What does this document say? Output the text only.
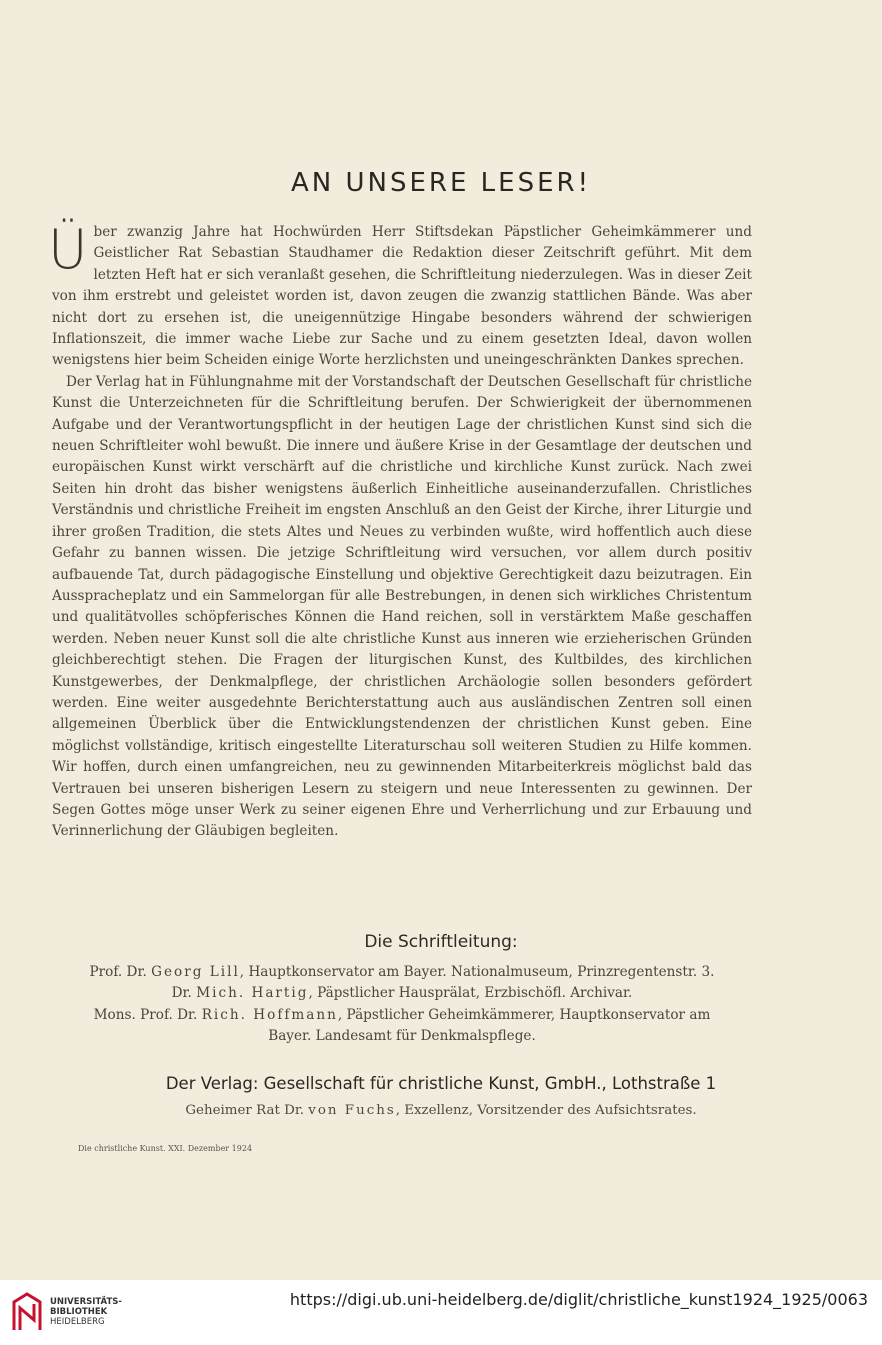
AN UNSERE LESER!

Über zwanzig Jahre hat Hochwürden Herr Stiftsdekan Päpstlicher Geheimkämmerer und Geistlicher Rat Sebastian Staudhamer die Redaktion dieser Zeitschrift geführt. Mit dem letzten Heft hat er sich veranlaßt gesehen, die Schriftleitung niederzulegen. Was in dieser Zeit von ihm erstrebt und geleistet worden ist, davon zeugen die zwanzig stattlichen Bände. Was aber nicht dort zu ersehen ist, die uneigennützige Hingabe besonders während der schwierigen Inflationszeit, die immer wache Liebe zur Sache und zu einem gesetzten Ideal, davon wollen wenigstens hier beim Scheiden einige Worte herzlichsten und uneingeschränkten Dankes sprechen.

Der Verlag hat in Fühlungnahme mit der Vorstandschaft der Deutschen Gesellschaft für christliche Kunst die Unterzeichneten für die Schriftleitung berufen. Der Schwierigkeit der übernommenen Aufgabe und der Verantwortungspflicht in der heutigen Lage der christlichen Kunst sind sich die neuen Schriftleiter wohl bewußt. Die innere und äußere Krise in der Gesamtlage der deutschen und europäischen Kunst wirkt verschärft auf die christliche und kirchliche Kunst zurück. Nach zwei Seiten hin droht das bisher wenigstens äußerlich Einheitliche auseinanderzufallen. Christliches Verständnis und christliche Freiheit im engsten Anschluß an den Geist der Kirche, ihrer Liturgie und ihrer großen Tradition, die stets Altes und Neues zu verbinden wußte, wird hoffentlich auch diese Gefahr zu bannen wissen. Die jetzige Schriftleitung wird versuchen, vor allem durch positiv aufbauende Tat, durch pädagogische Einstellung und objektive Gerechtigkeit dazu beizutragen. Ein Aussprachеplatz und ein Sammelorgan für alle Bestrebungen, in denen sich wirkliches Christentum und qualitätvolles schöpferisches Können die Hand reichen, soll in verstärktem Maße geschaffen werden. Neben neuer Kunst soll die alte christliche Kunst aus inneren wie erzieherischen Gründen gleichberechtigt stehen. Die Fragen der liturgischen Kunst, des Kultbildes, des kirchlichen Kunstgewerbes, der Denkmalpflege, der christlichen Archäologie sollen besonders gefördert werden. Eine weiter ausgedehnte Berichterstattung auch aus ausländischen Zentren soll einen allgemeinen Überblick über die Entwicklungstendenzen der christlichen Kunst geben. Eine möglichst vollständige, kritisch eingestellte Literaturschau soll weiteren Studien zu Hilfe kommen. Wir hoffen, durch einen umfangreichen, neu zu gewinnenden Mitarbeiterkreis möglichst bald das Vertrauen bei unseren bisherigen Lesern zu steigern und neue Interessenten zu gewinnen. Der Segen Gottes möge unser Werk zu seiner eigenen Ehre und Verherrlichung und zur Erbauung und Verinnerlichung der Gläubigen begleiten.

Die Schriftleitung:
Prof. Dr. Georg Lill, Hauptkonservator am Bayer. Nationalmuseum, Prinzregentenstr. 3.
Dr. Mich. Hartig, Päpstlicher Hausprälat, Erzbischöfl. Archivar.
Mons. Prof. Dr. Rich. Hoffmann, Päpstlicher Geheimkämmerer, Hauptkonservator am
Bayer. Landesamt für Denkmalspflege.
Der Verlag: Gesellschaft für christliche Kunst, GmbH., Lothstraße 1
Geheimer Rat Dr. von Fuchs, Exzellenz, Vorsitzender des Aufsichtsrates.
Die christliche Kunst. XXI. Dezember 1924
UNIVERSITÄTS-
BIBLIOTHEK
HEIDELBERG
https://digi.ub.uni-heidelberg.de/diglit/christliche_kunst1924_1925/0063
